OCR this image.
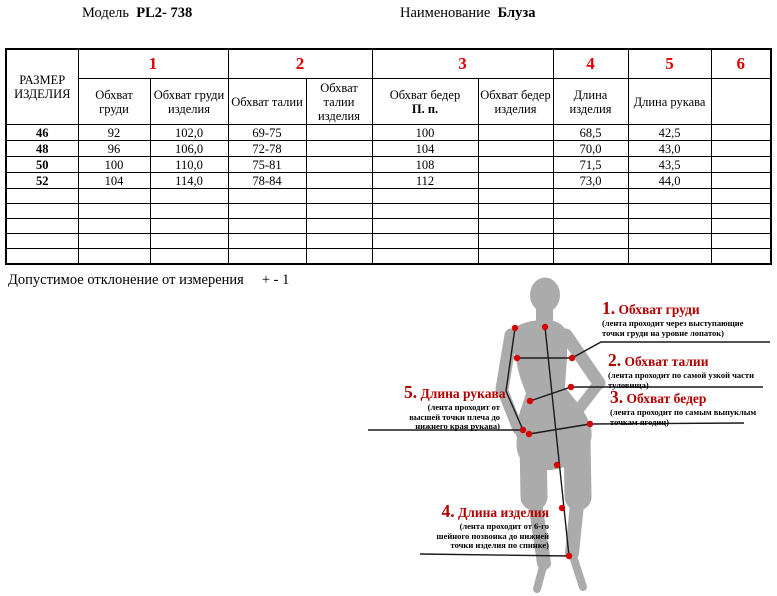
Модель PL2- 738	Наименование Блуза
РАЗМЕР ИЗДЕЛИЯ	1		2		3		4	5	6
	Обхват груди	Обхват груди изделия	Обхват талии	Обхват талии изделия	Обхват бедер
П. п.	Обхват бедер изделия	Длина изделия	Длина рукава	
46	92	102,0	69-75		100		68,5	42,5	
48	96	106,0	72-78		104		70,0	43,0	
50	100	110,0	75-81		108		71,5	43,5	
52	104	114,0	78-84		112		73,0	44,0	

Допустимое отклонение от измерения + - 1
1. Обхват груди
(лента проходит через выступающие точки груди на уровне лопаток)
2. Обхват талии
(лента проходит по самой узкой части туловища)
3. Обхват бедер
(лента проходит по самым выпуклым точкам ягодиц)
5. Длина рукава
(лента проходит от высшей точки плеча до нижнего края рукава)
4. Длина изделия
(лента проходит от 6-го шейного позвонка до нижней точки изделия по спинке)
